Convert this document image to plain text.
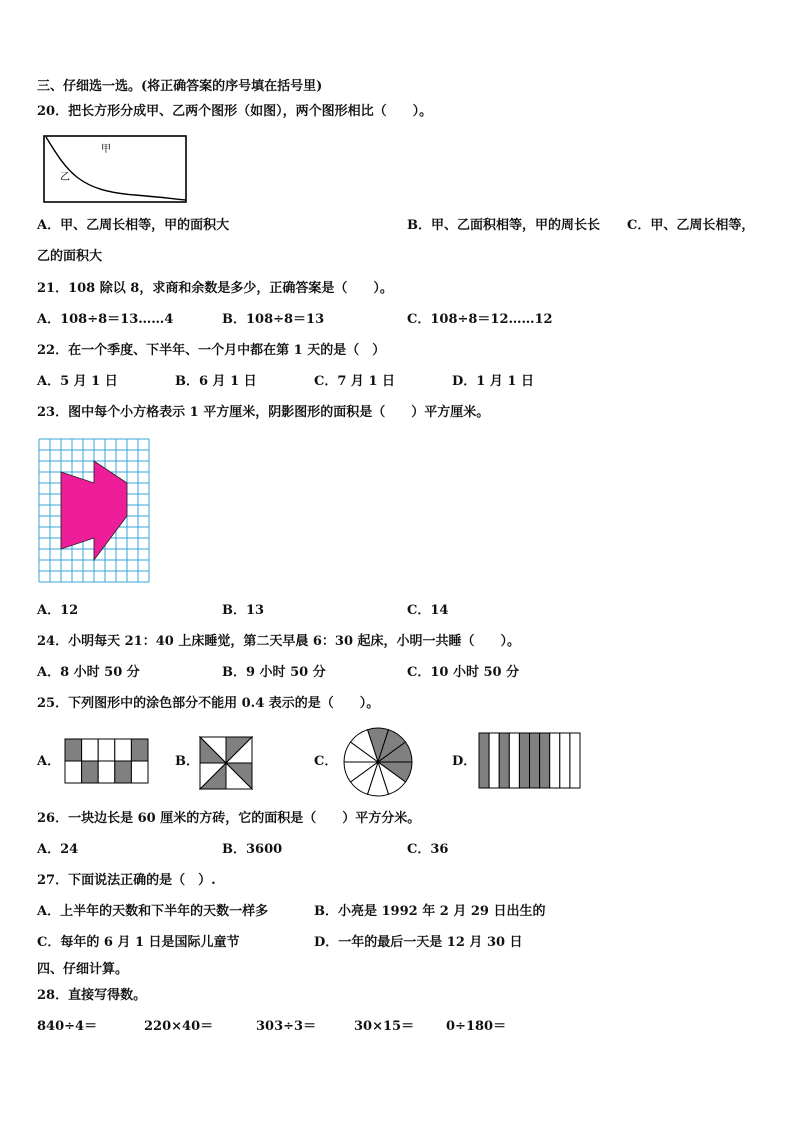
三、仔细选一选。(将正确答案的序号填在括号里)
20．把长方形分成甲、乙两个图形（如图），两个图形相比（　　）。
甲
乙
A．甲、乙周长相等，甲的面积大	B．甲、乙面积相等，甲的周长长 C．甲、乙周长相等，
乙的面积大
21．108 除以 8，求商和余数是多少，正确答案是（　　）。
A．108÷8＝13……4	B．108÷8＝13	C．108÷8＝12……12
22．在一个季度、下半年、一个月中都在第 1 天的是（　）
A．5 月 1 日	B．6 月 1 日	C．7 月 1 日	D．1 月 1 日
23．图中每个小方格表示 1 平方厘米，阴影图形的面积是（　　）平方厘米。
A．12	B．13	C．14
24．小明每天 21：40 上床睡觉，第二天早晨 6：30 起床，小明一共睡（　　）。
A．8 小时 50 分	B．9 小时 50 分	C．10 小时 50 分
25．下列图形中的涂色部分不能用 0.4 表示的是（　　）。
A．	B．	C．	D．
26．一块边长是 60 厘米的方砖，它的面积是（　　）平方分米。
A．24	B．3600	C．36
27．下面说法正确的是（　）.
A．上半年的天数和下半年的天数一样多	B．小亮是 1992 年 2 月 29 日出生的
C．每年的 6 月 1 日是国际儿童节	D．一年的最后一天是 12 月 30 日
四、仔细计算。
28．直接写得数。
840÷4＝	220×40＝	303÷3＝	30×15＝ 0÷180＝
